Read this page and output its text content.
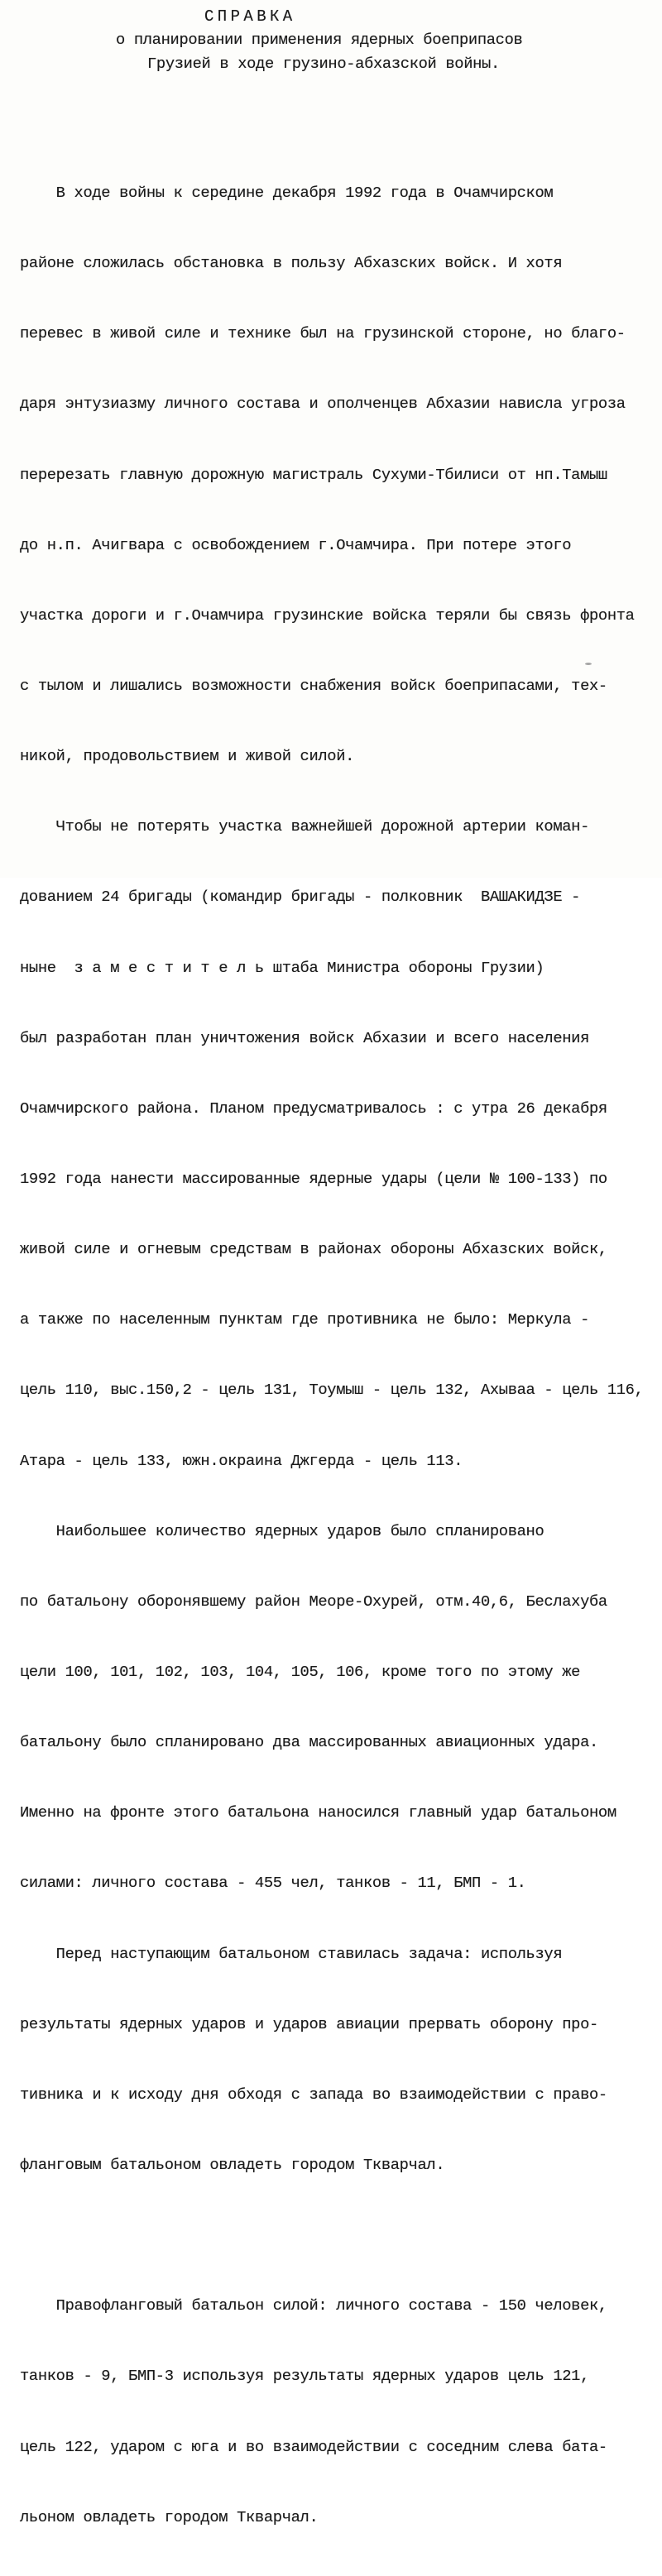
СПРАВКА
о планировании применения ядерных боеприпасов
Грузией в ходе грузино-абхазской войны.

В ходе войны к середине декабря 1992 года в Очамчирском

районе сложилась обстановка в пользу Абхазских войск. И хотя

перевес в живой силе и технике был на грузинской стороне, но благо-

даря энтузиазму личного состава и ополченцев Абхазии нависла угроза

перерезать главную дорожную магистраль Сухуми-Тбилиси от нп.Тамыш

до н.п. Ачигвара с освобождением г.Очамчира. При потере этого

участка дороги и г.Очамчира грузинские войска теряли бы связь фронта

с тылом и лишались возможности снабжения войск боеприпасами, тех-

никой, продовольствием и живой силой.

Чтобы не потерять участка важнейшей дорожной артерии коман-

дованием 24 бригады (командир бригады - полковник  ВАШАКИДЗЕ -

ныне  з а м е с т и т е л ь штаба Министра обороны Грузии)

был разработан план уничтожения войск Абхазии и всего населения

Очамчирского района. Планом предусматривалось : с утра 26 декабря

1992 года нанести массированные ядерные удары (цели № 100-133) по

живой силе и огневым средствам в районах обороны Абхазских войск,

а также по населенным пунктам где противника не было: Меркула -

цель 110, выс.150,2 - цель 131, Тоумыш - цель 132, Ахываа - цель 116,

Атара - цель 133, южн.окраина Джгерда - цель 113.

Наибольшее количество ядерных ударов было спланировано

по батальону оборонявшему район Меоре-Охурей, отм.40,6, Беслахуба

цели 100, 101, 102, 103, 104, 105, 106, кроме того по этому же

батальону было спланировано два массированных авиационных удара.

Именно на фронте этого батальона наносился главный удар батальоном

силами: личного состава - 455 чел, танков - 11, БМП - 1.

Перед наступающим батальоном ставилась задача: используя

результаты ядерных ударов и ударов авиации прервать оборону про-

тивника и к исходу дня обходя с запада во взаимодействии с право-

фланговым батальоном овладеть городом Ткварчал.

Правофланговый батальон силой: личного состава - 150 человек,

танков - 9, БМП-3 используя результаты ядерных ударов цель 121,

цель 122, ударом с юга и во взаимодействии с соседним слева бата-

льоном овладеть городом Ткварчал.
